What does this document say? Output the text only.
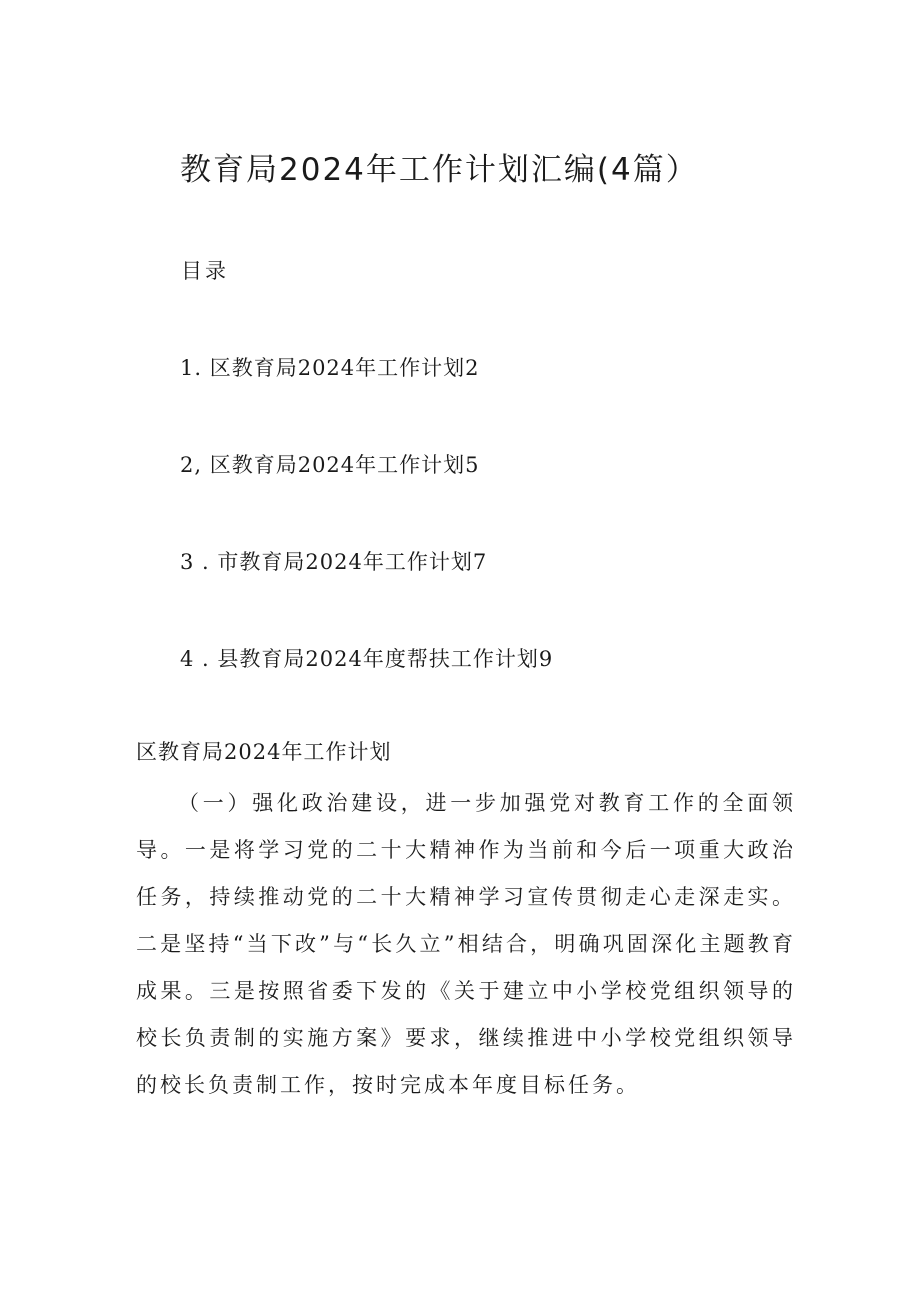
教育局2024年工作计划汇编(4篇）
目录
1. 区教育局2024年工作计划2
2, 区教育局2024年工作计划5
3 . 市教育局2024年工作计划7
4 . 县教育局2024年度帮扶工作计划9
区教育局2024年工作计划

（一）强化政治建设，进一步加强党对教育工作的全面领导。一是将学习党的二十大精神作为当前和今后一项重大政治任务，持续推动党的二十大精神学习宣传贯彻走心走深走实。二是坚持“当下改”与“长久立”相结合，明确巩固深化主题教育成果。三是按照省委下发的《关于建立中小学校党组织领导的校长负责制的实施方案》要求，继续推进中小学校党组织领导的校长负责制工作，按时完成本年度目标任务。
